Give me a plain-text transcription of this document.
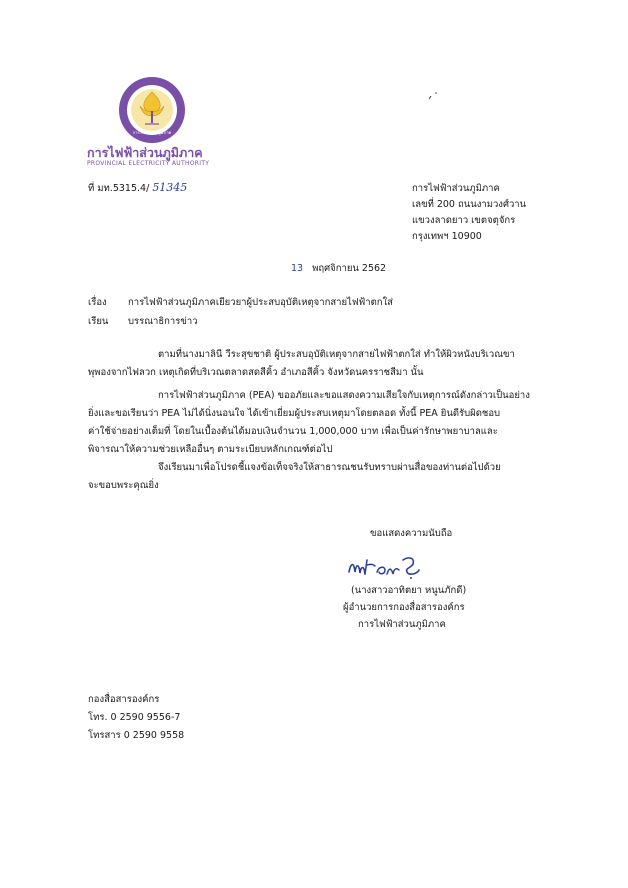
การไฟฟ้าส่วนภูมิภาค
การไฟฟ้าส่วนภูมิภาค
PROVINCIAL ELECTRICITY AUTHORITY
ที่ มท.5315.4/ 51345	การไฟฟ้าส่วนภูมิภาค
เลขที่ 200 ถนนงามวงศ์วาน
แขวงลาดยาว เขตจตุจักร
กรุงเทพฯ 10900
13 พฤศจิกายน 2562
เรื่อง การไฟฟ้าส่วนภูมิภาคเยียวยาผู้ประสบอุบัติเหตุจากสายไฟฟ้าตกใส่
เรียน บรรณาธิการข่าว
ตามที่นางมาลินี วีระสุขชาติ ผู้ประสบอุบัติเหตุจากสายไฟฟ้าตกใส่ ทำให้ผิวหนังบริเวณขา
พุพองจากไฟลวก เหตุเกิดที่บริเวณตลาดสดสีคิ้ว อำเภอสีคิ้ว จังหวัดนครราชสีมา นั้น
การไฟฟ้าส่วนภูมิภาค (PEA) ขออภัยและขอแสดงความเสียใจกับเหตุการณ์ดังกล่าวเป็นอย่าง
ยิ่งและขอเรียนว่า PEA ไม่ได้นิ่งนอนใจ ได้เข้าเยี่ยมผู้ประสบเหตุมาโดยตลอด ทั้งนี้ PEA ยินดีรับผิดชอบ
ค่าใช้จ่ายอย่างเต็มที่ โดยในเบื้องต้นได้มอบเงินจำนวน 1,000,000 บาท เพื่อเป็นค่ารักษาพยาบาลและ
พิจารณาให้ความช่วยเหลืออื่นๆ ตามระเบียบหลักเกณฑ์ต่อไป
จึงเรียนมาเพื่อโปรดชี้แจงข้อเท็จจริงให้สาธารณชนรับทราบผ่านสื่อของท่านต่อไปด้วย
จะขอบพระคุณยิ่ง
ขอแสดงความนับถือ
(นางสาวอาทิตยา หนูนภักดี)
ผู้อำนวยการกองสื่อสารองค์กร
การไฟฟ้าส่วนภูมิภาค
กองสื่อสารองค์กร
โทร. 0 2590 9556-7
โทรสาร 0 2590 9558
